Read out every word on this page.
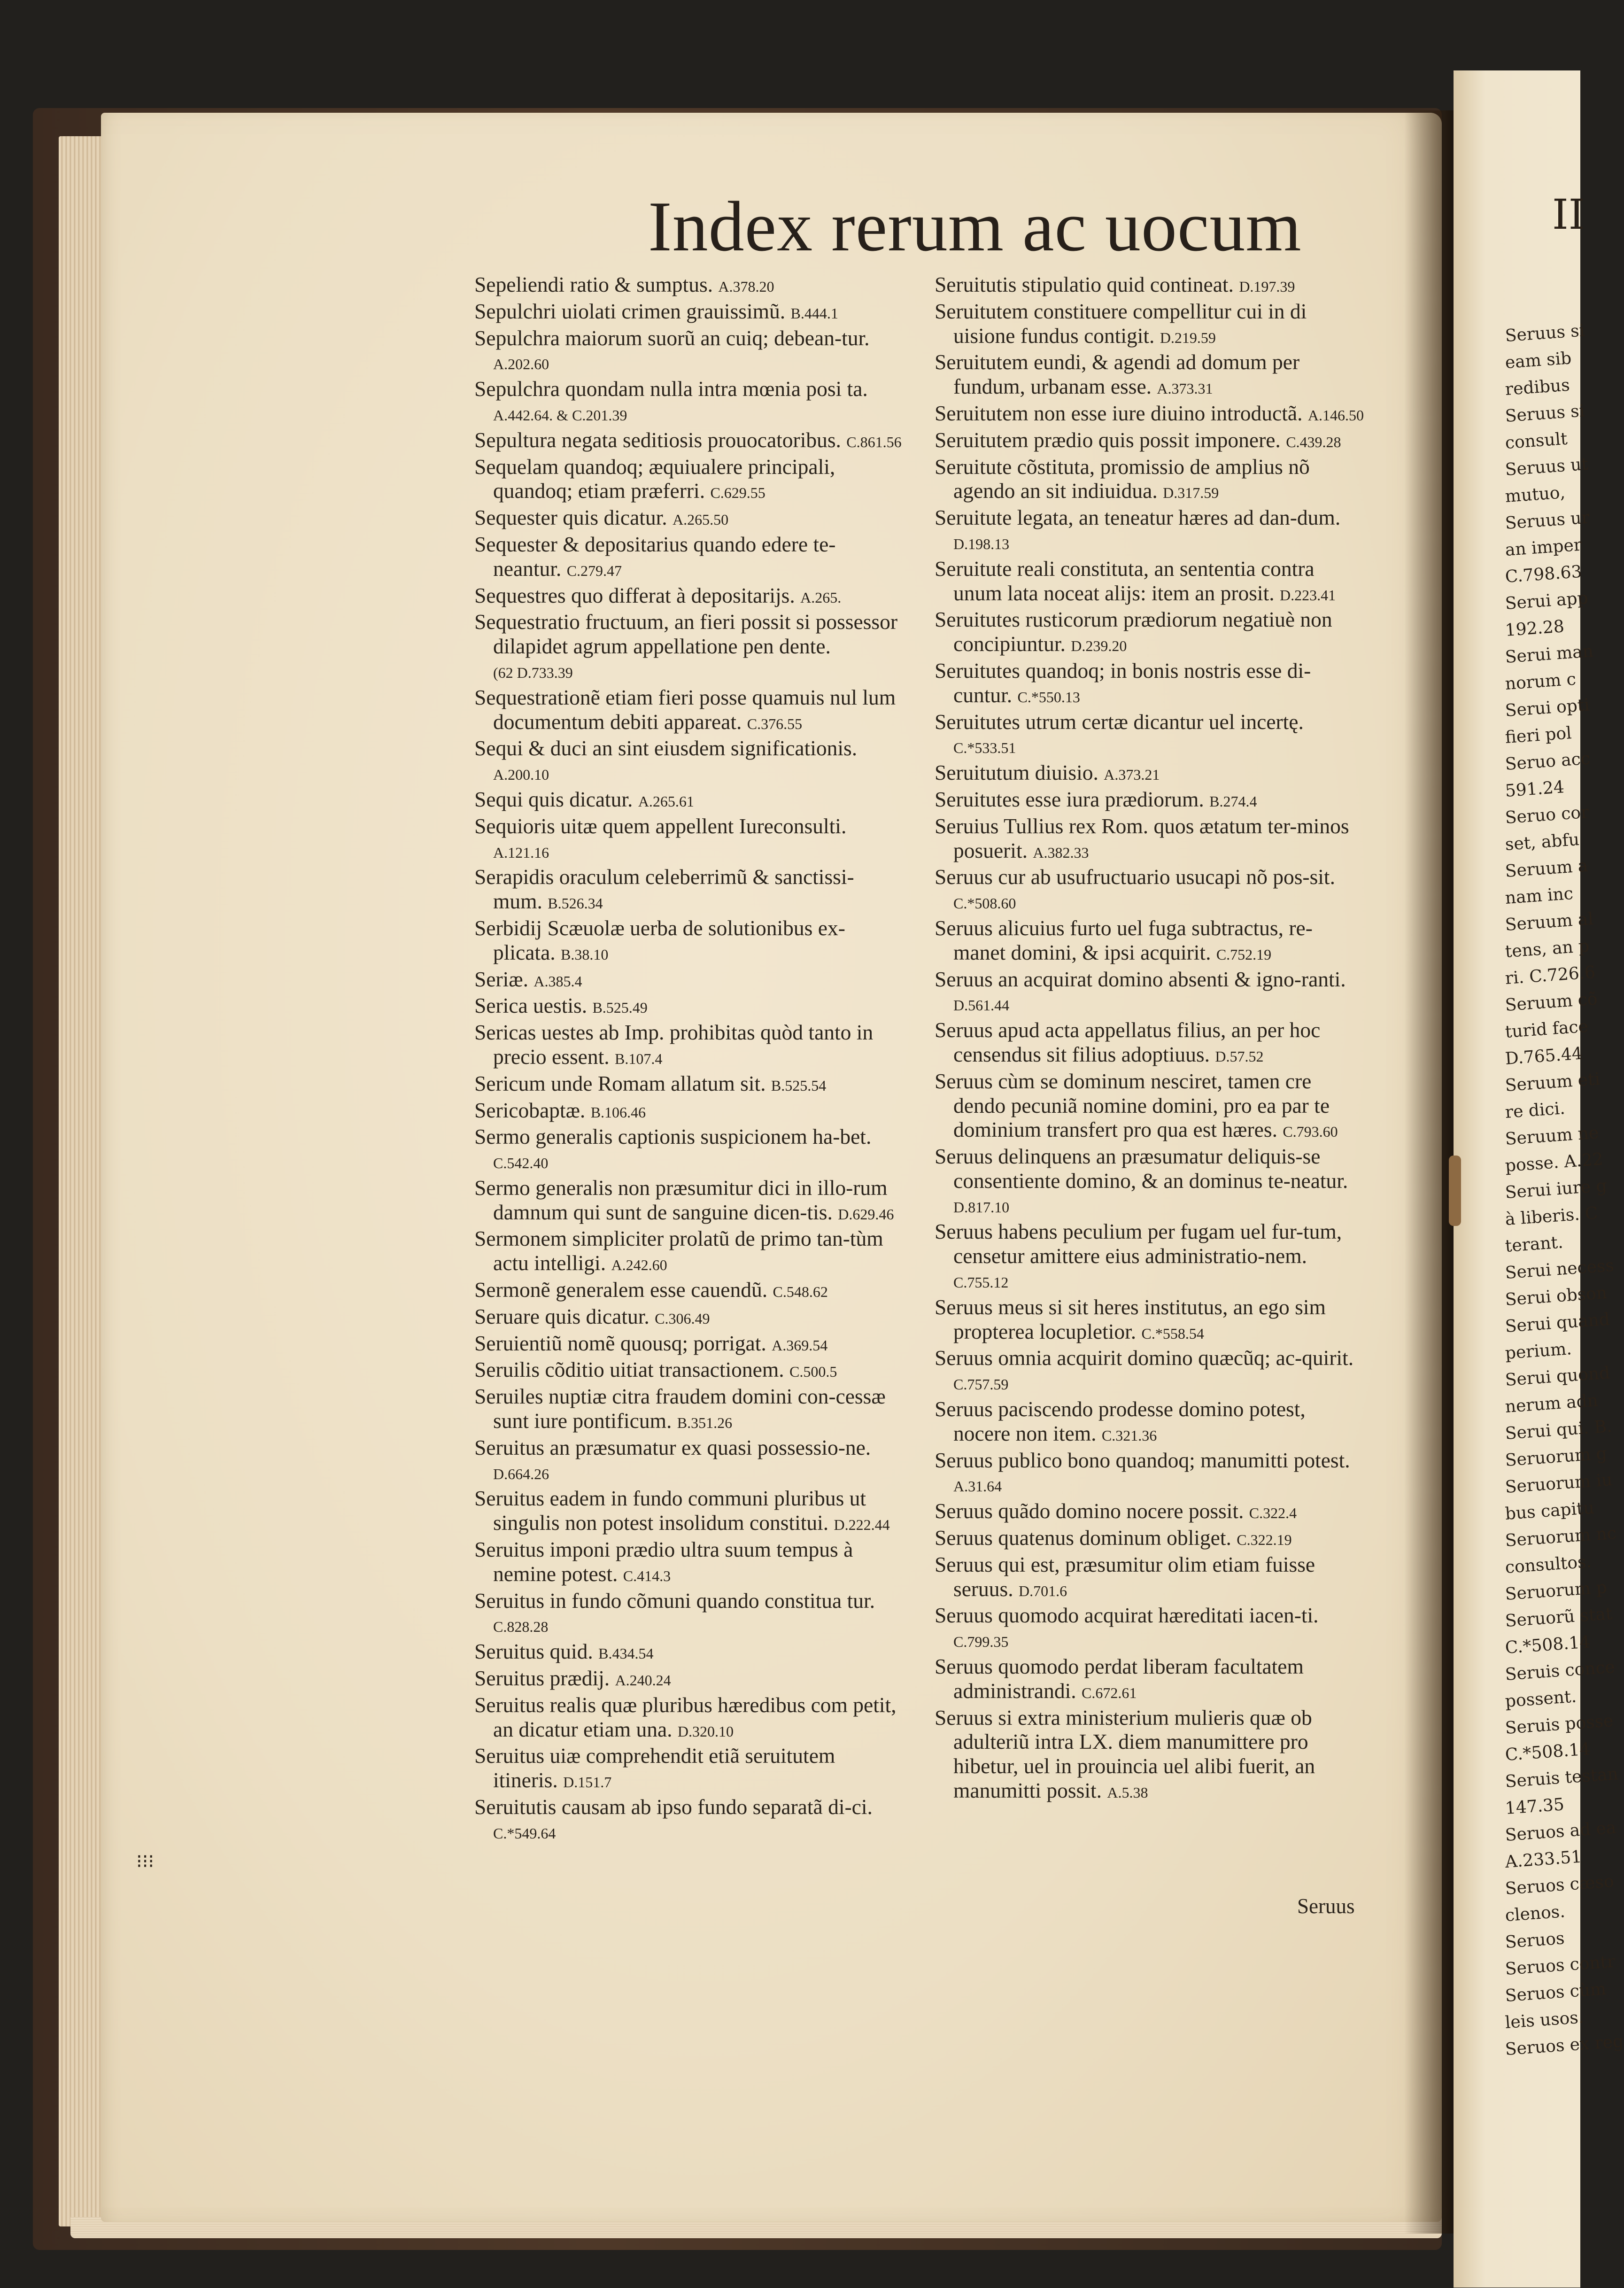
II
Seruus si
eam sib
redibus
Seruus si
consult
Seruus ut
mutuo,
Seruus ur
an imper
C.798.63
Serui app
192.28
Serui man
norum c
Serui opti
fieri pol
Seruo acc
591.24
Seruo cor
set, abfu
Seruum a
nam inc
Seruum al
tens, an p
ri. C.726.6
Seruum cõ
turid face
D.765.44
Seruum eti
re dici.
Seruum ne
posse. A.22
Serui iure g
à liberis. C
terant.
Serui necess
Serui obson
Serui quand
perium.
Serui quond
nerum adn
Serui qui. B.
Seruorum g
Seruorum iu
bus capitu
Seruorum nc
consultos.
Seruorum p
Seruorũ stat
C.*508.14
Seruis conce
possent.
Seruis posse
C.*508.14
Seruis testan
147.35
Seruos ad ea
A.233.51
Seruos cæso
clenos.
Seruos
Seruos contr
Seruos cùm
leis usos.
Seruos ex reg
⁝⁝⁝
Index rerum ac uocum
Sepeliendi ratio & sumptus. A.378.20
Sepulchri uiolati crimen grauissimũ. B.444.1
Sepulchra maiorum suorũ an cuiq; debean-tur. A.202.60
Sepulchra quondam nulla intra mœnia posi ta. A.442.64. & C.201.39
Sepultura negata seditiosis prouocatoribus. C.861.56
Sequelam quandoq; æquiualere principali, quandoq; etiam præferri. C.629.55
Sequester quis dicatur. A.265.50
Sequester & depositarius quando edere te-neantur. C.279.47
Sequestres quo differat à depositarijs. A.265.
Sequestratio fructuum, an fieri possit si possessor dilapidet agrum appellatione pen dente. (62 D.733.39
Sequestrationẽ etiam fieri posse quamuis nul lum documentum debiti appareat. C.376.55
Sequi & duci an sint eiusdem significationis. A.200.10
Sequi quis dicatur. A.265.61
Sequioris uitæ quem appellent Iureconsulti. A.121.16
Serapidis oraculum celeberrimũ & sanctissi-mum. B.526.34
Serbidij Scæuolæ uerba de solutionibus ex-plicata. B.38.10
Seriæ. A.385.4
Serica uestis. B.525.49
Sericas uestes ab Imp. prohibitas quòd tanto in precio essent. B.107.4
Sericum unde Romam allatum sit. B.525.54
Sericobaptæ. B.106.46
Sermo generalis captionis suspicionem ha-bet. C.542.40
Sermo generalis non præsumitur dici in illo-rum damnum qui sunt de sanguine dicen-tis. D.629.46
Sermonem simpliciter prolatũ de primo tan-tùm actu intelligi. A.242.60
Sermonẽ generalem esse cauendũ. C.548.62
Seruare quis dicatur. C.306.49
Seruientiũ nomẽ quousq; porrigat. A.369.54
Seruilis cõditio uitiat transactionem. C.500.5
Seruiles nuptiæ citra fraudem domini con-cessæ sunt iure pontificum. B.351.26
Seruitus an præsumatur ex quasi possessio-ne. D.664.26
Seruitus eadem in fundo communi pluribus ut singulis non potest insolidum constitui. D.222.44
Seruitus imponi prædio ultra suum tempus à nemine potest. C.414.3
Seruitus in fundo cõmuni quando constitua tur. C.828.28
Seruitus quid. B.434.54
Seruitus prædij. A.240.24
Seruitus realis quæ pluribus hæredibus com petit, an dicatur etiam una. D.320.10
Seruitus uiæ comprehendit etiã seruitutem itineris. D.151.7
Seruitutis causam ab ipso fundo separatã di-ci. C.*549.64
Seruitutis stipulatio quid contineat. D.197.39
Seruitutem constituere compellitur cui in di uisione fundus contigit. D.219.59
Seruitutem eundi, & agendi ad domum per fundum, urbanam esse. A.373.31
Seruitutem non esse iure diuino introductã. A.146.50
Seruitutem prædio quis possit imponere. C.439.28
Seruitute cõstituta, promissio de amplius nõ agendo an sit indiuidua. D.317.59
Seruitute legata, an teneatur hæres ad dan-dum. D.198.13
Seruitute reali constituta, an sententia contra unum lata noceat alijs: item an prosit. D.223.41
Seruitutes rusticorum prædiorum negatiuè non concipiuntur. D.239.20
Seruitutes quandoq; in bonis nostris esse di-cuntur. C.*550.13
Seruitutes utrum certæ dicantur uel incertę. C.*533.51
Seruitutum diuisio. A.373.21
Seruitutes esse iura prædiorum. B.274.4
Seruius Tullius rex Rom. quos ætatum ter-minos posuerit. A.382.33
Seruus cur ab usufructuario usucapi nõ pos-sit. C.*508.60
Seruus alicuius furto uel fuga subtractus, re-manet domini, & ipsi acquirit. C.752.19
Seruus an acquirat domino absenti & igno-ranti. D.561.44
Seruus apud acta appellatus filius, an per hoc censendus sit filius adoptiuus. D.57.52
Seruus cùm se dominum nesciret, tamen cre dendo pecuniã nomine domini, pro ea par te dominium transfert pro qua est hæres. C.793.60
Seruus delinquens an præsumatur deliquis-se consentiente domino, & an dominus te-neatur. D.817.10
Seruus habens peculium per fugam uel fur-tum, censetur amittere eius administratio-nem. C.755.12
Seruus meus si sit heres institutus, an ego sim propterea locupletior. C.*558.54
Seruus omnia acquirit domino quæcũq; ac-quirit. C.757.59
Seruus paciscendo prodesse domino potest, nocere non item. C.321.36
Seruus publico bono quandoq; manumitti potest. A.31.64
Seruus quãdo domino nocere possit. C.322.4
Seruus quatenus dominum obliget. C.322.19
Seruus qui est, præsumitur olim etiam fuisse seruus. D.701.6
Seruus quomodo acquirat hæreditati iacen-ti. C.799.35
Seruus quomodo perdat liberam facultatem administrandi. C.672.61
Seruus si extra ministerium mulieris quæ ob adulteriũ intra LX. diem manumittere pro hibetur, uel in prouincia uel alibi fuerit, an manumitti possit. A.5.38
Seruus
